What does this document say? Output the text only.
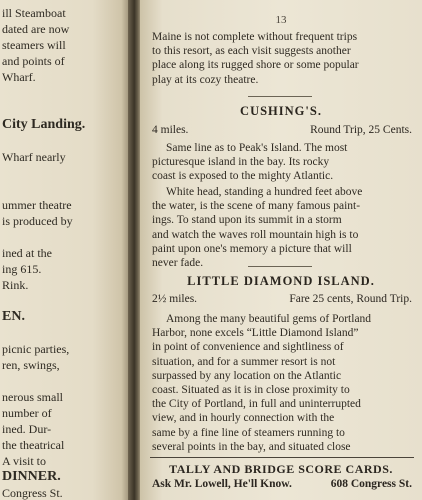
ill Steamboat
dated are now
steamers will
and points of
Wharf.
City Landing.
Wharf nearly
ummer theatre
is produced by
ined at the
ing 615.
Rink.
EN.
picnic parties,
ren, swings,
nerous small
number of
ined. Dur-
the theatrical
A visit to
DINNER.
Congress St.
13
Maine is not complete without frequent trips
to this resort, as each visit suggests another
place along its rugged shore or some popular
play at its cozy theatre.
CUSHING'S.
4 miles.	Round Trip, 25 Cents.
Same line as to Peak's Island. The most
picturesque island in the bay. Its rocky
coast is exposed to the mighty Atlantic.
White head, standing a hundred feet above
the water, is the scene of many famous paint-
ings. To stand upon its summit in a storm
and watch the waves roll mountain high is to
paint upon one's memory a picture that will
never fade.
LITTLE DIAMOND ISLAND.
2½ miles.	Fare 25 cents, Round Trip.
Among the many beautiful gems of Portland
Harbor, none excels “Little Diamond Island”
in point of convenience and sightliness of
situation, and for a summer resort is not
surpassed by any location on the Atlantic
coast. Situated as it is in close proximity to
the City of Portland, in full and uninterrupted
view, and in hourly connection with the
same by a fine line of steamers running to
several points in the bay, and situated close
TALLY AND BRIDGE SCORE CARDS.
Ask Mr. Lowell, He'll Know.	608 Congress St.
